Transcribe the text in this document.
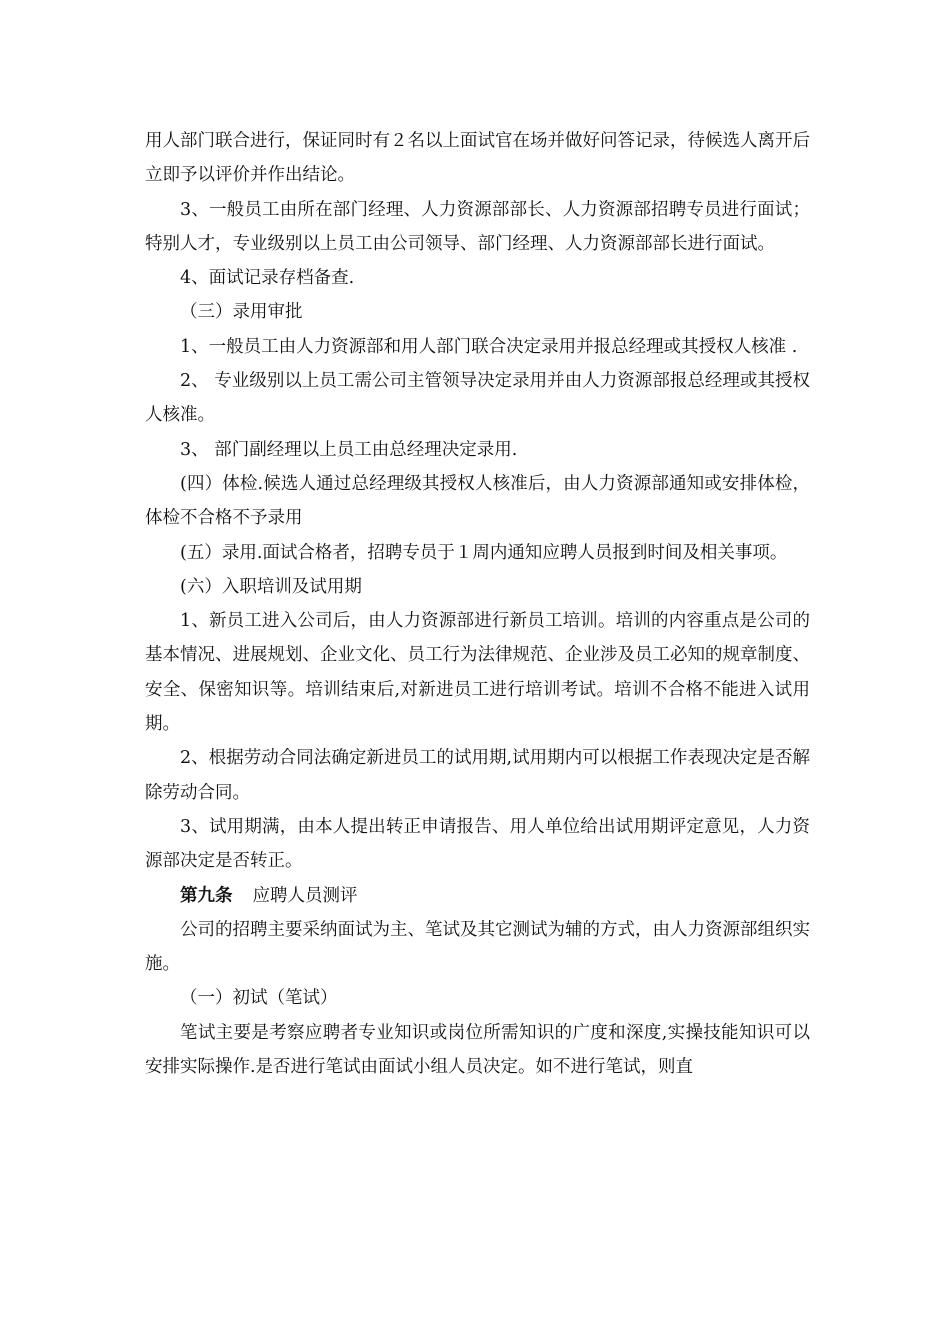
用人部门联合进行，保证同时有２名以上面试官在场并做好问答记录，待候选人离开后立即予以评价并作出结论。

3、一般员工由所在部门经理、人力资源部部长、人力资源部招聘专员进行面试；特别人才，专业级别以上员工由公司领导、部门经理、人力资源部部长进行面试。

4、面试记录存档备查.

（三）录用审批

1、一般员工由人力资源部和用人部门联合决定录用并报总经理或其授权人核准 .

2、 专业级别以上员工需公司主管领导决定录用并由人力资源部报总经理或其授权人核准。

3、 部门副经理以上员工由总经理决定录用.

(四）体检.候选人通过总经理级其授权人核准后，由人力资源部通知或安排体检，体检不合格不予录用

(五）录用.面试合格者，招聘专员于１周内通知应聘人员报到时间及相关事项。

(六）入职培训及试用期

1、新员工进入公司后，由人力资源部进行新员工培训。培训的内容重点是公司的基本情况、进展规划、企业文化、员工行为法律规范、企业涉及员工必知的规章制度、安全、保密知识等。培训结束后,对新进员工进行培训考试。培训不合格不能进入试用期。

2、根据劳动合同法确定新进员工的试用期,试用期内可以根据工作表现决定是否解除劳动合同。

3、试用期满，由本人提出转正申请报告、用人单位给出试用期评定意见，人力资源部决定是否转正。

第九条 应聘人员测评

公司的招聘主要采纳面试为主、笔试及其它测试为辅的方式，由人力资源部组织实施。

（一）初试（笔试）

笔试主要是考察应聘者专业知识或岗位所需知识的广度和深度,实操技能知识可以安排实际操作.是否进行笔试由面试小组人员决定。如不进行笔试，则直
